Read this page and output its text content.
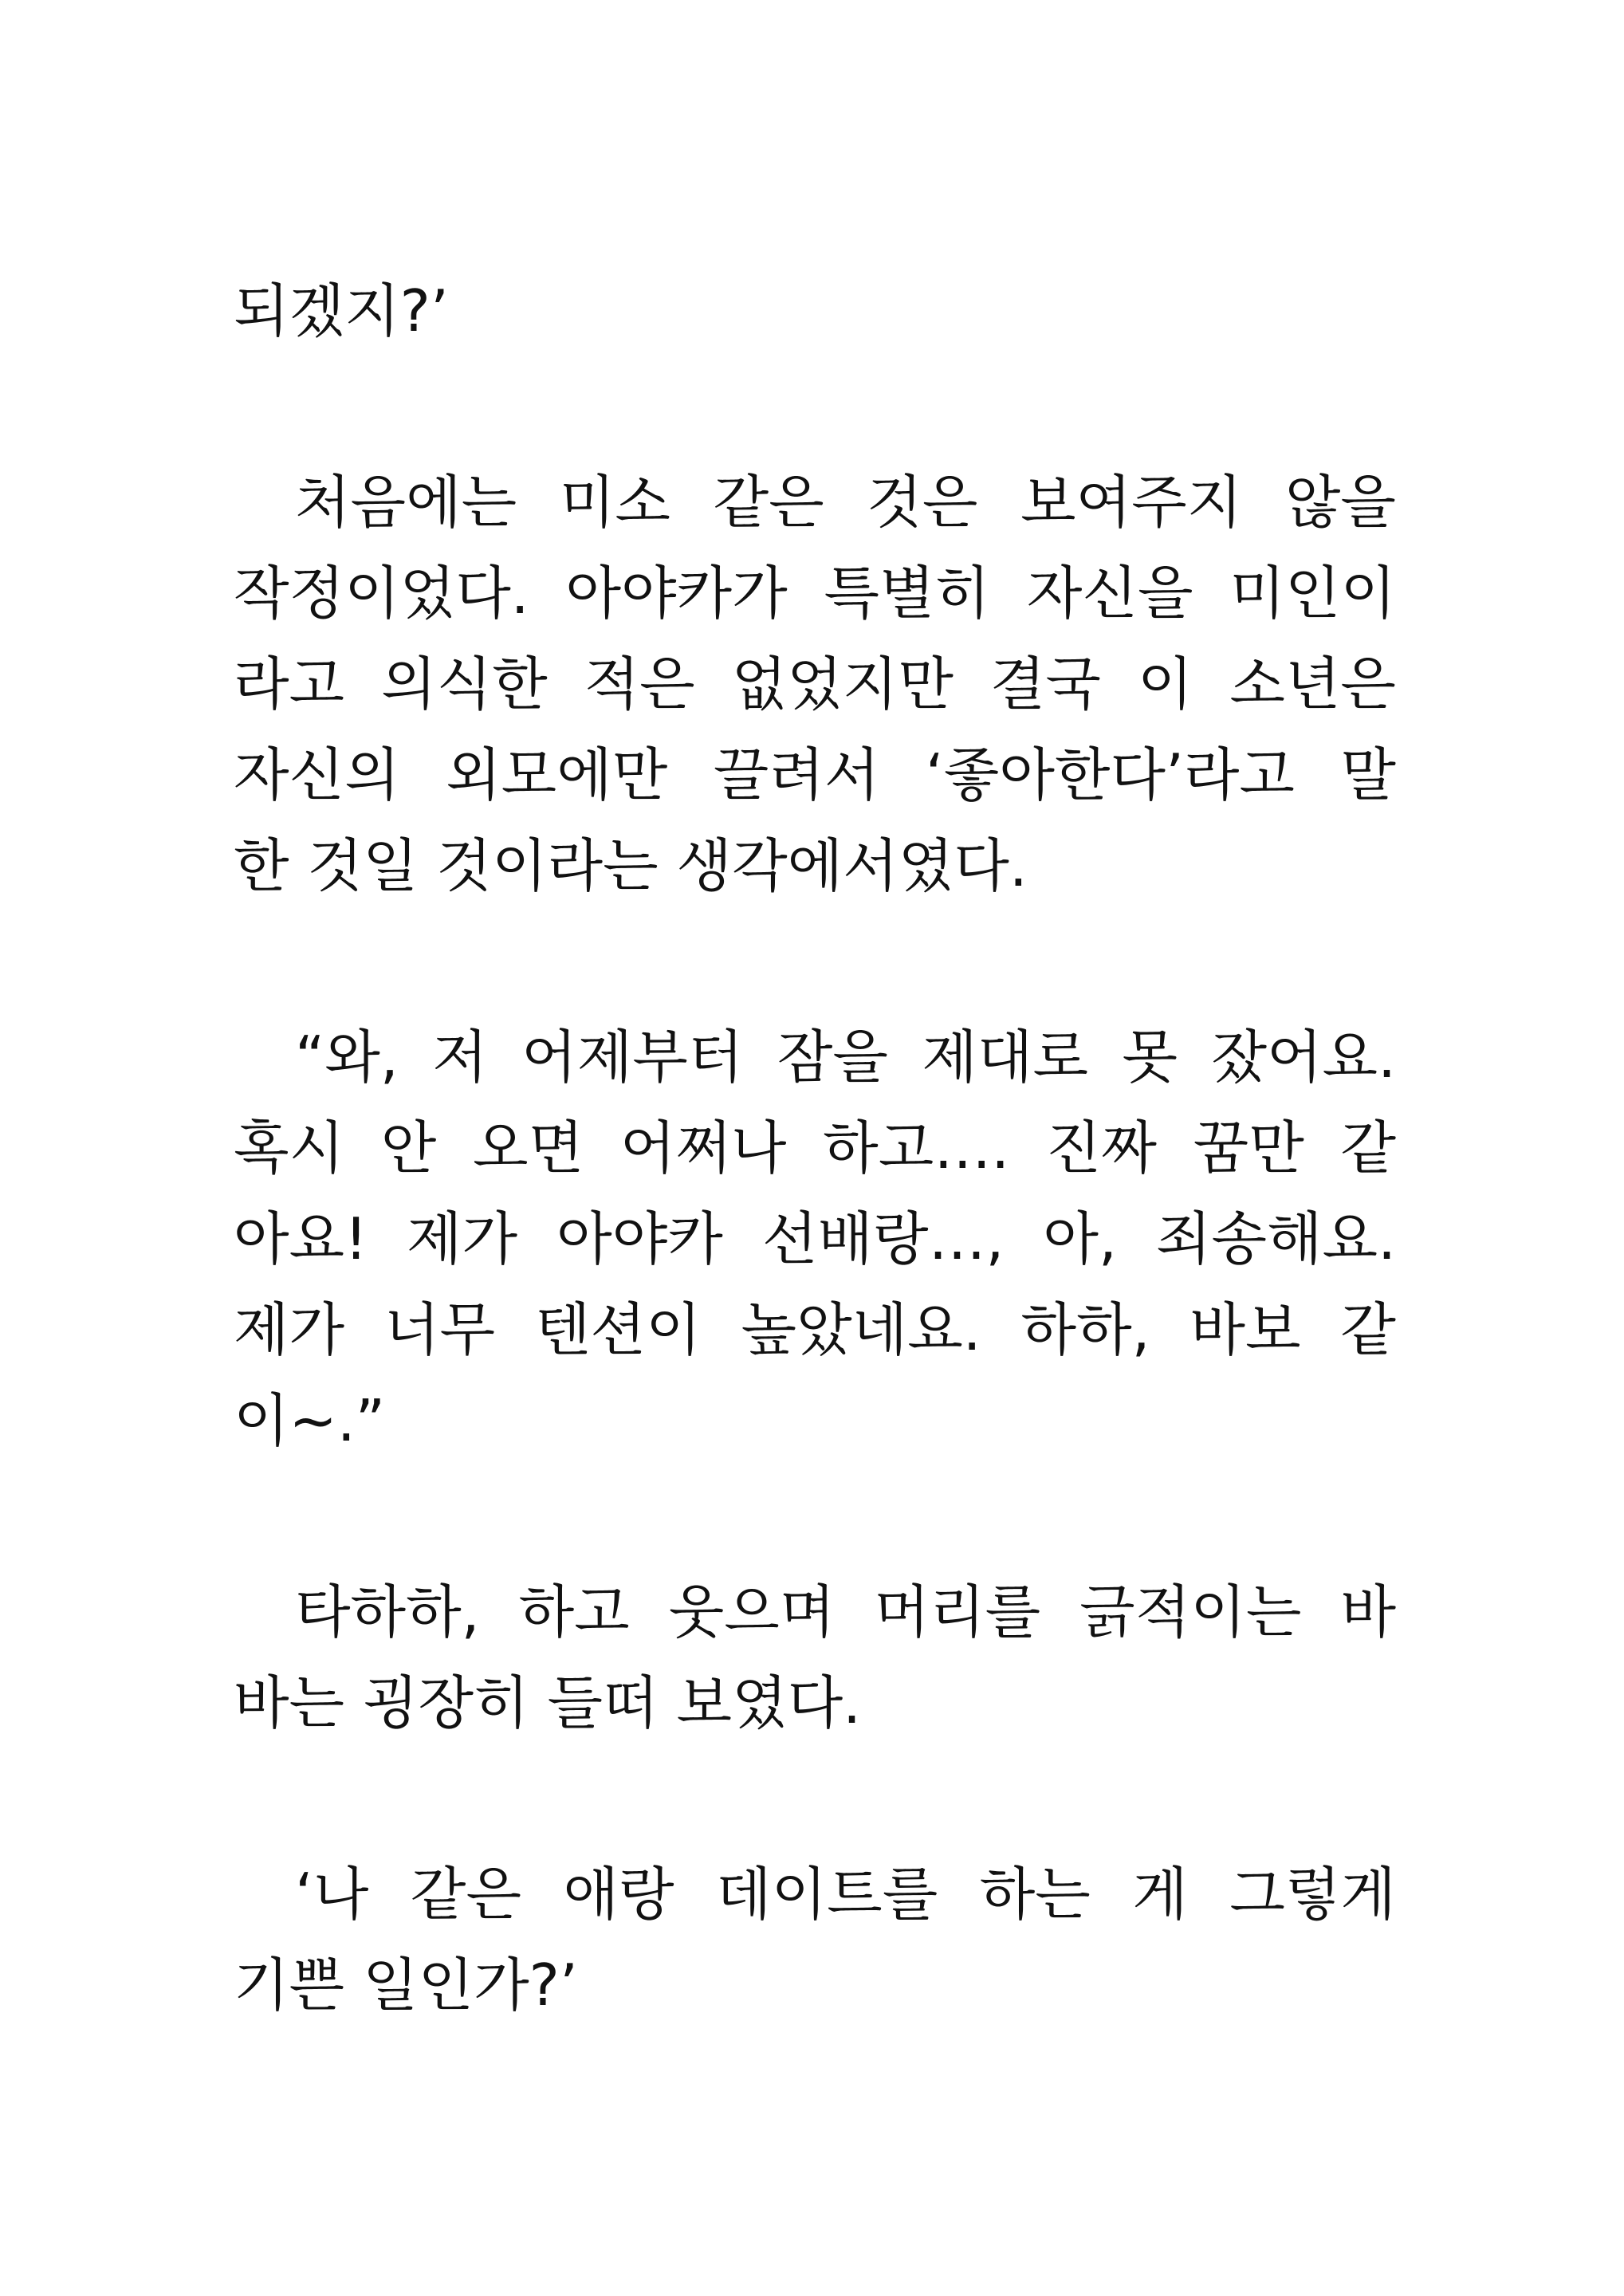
되겠지?’
처음에는 미소 같은 것은 보여주지 않을
작정이었다. 아야카가 특별히 자신을 미인이
라고 의식한 적은 없었지만 결국 이 소년은
자신의 외모에만 끌려서 ‘좋아한다’라고 말
한 것일 것이라는 생각에서였다.
“와, 저 어제부터 잠을 제대로 못 잤어요.
혹시 안 오면 어쩌나 하고…. 진짜 꿈만 같
아요! 제가 아야카 선배랑…, 아, 죄송해요.
제가 너무 텐션이 높았네요. 하하, 바보 같
이~.”
타하하, 하고 웃으며 머리를 긁적이는 바
바는 굉장히 들떠 보였다.
‘나 같은 애랑 데이트를 하는 게 그렇게
기쁜 일인가?’
